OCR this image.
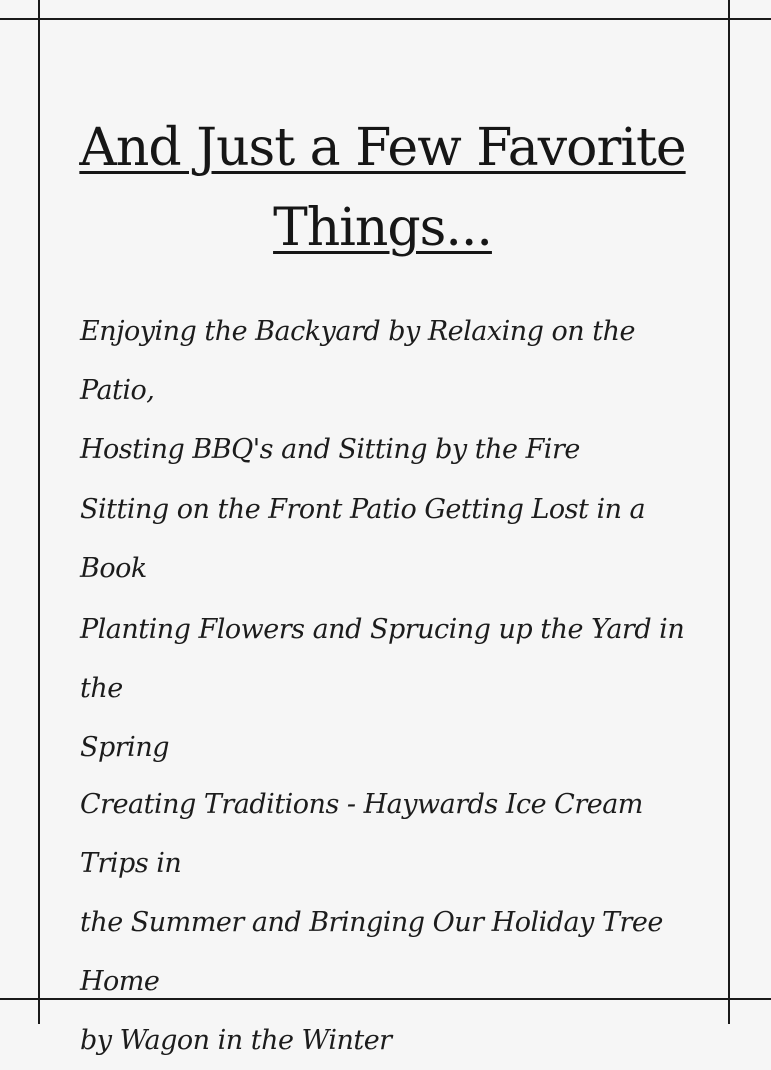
And Just a Few Favorite
Things...
Enjoying the Backyard by Relaxing on the Patio,
Hosting BBQ's and Sitting by the Fire
Sitting on the Front Patio Getting Lost in a Book
Planting Flowers and Sprucing up the Yard in the
Spring
Creating Traditions - Haywards Ice Cream Trips in
the Summer and Bringing Our Holiday Tree Home
by Wagon in the Winter
